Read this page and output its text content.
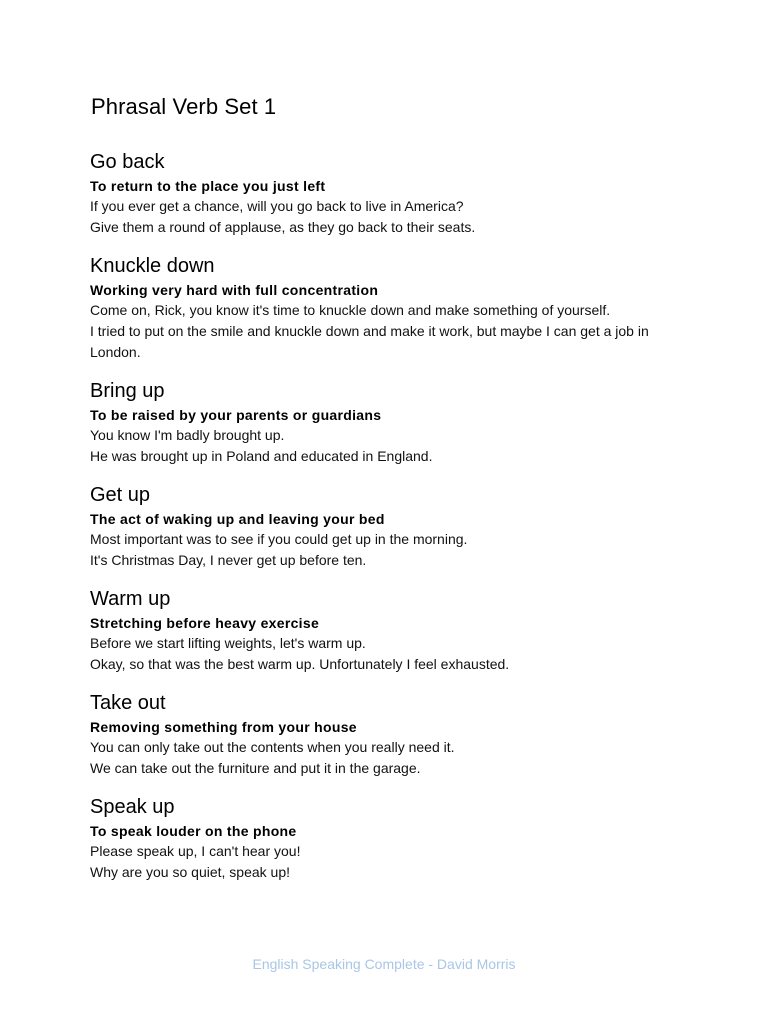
Phrasal Verb Set 1
Go back

To return to the place you just left

If you ever get a chance, will you go back to live in America?

Give them a round of applause, as they go back to their seats.

Knuckle down

Working very hard with full concentration

Come on, Rick, you know it's time to knuckle down and make something of yourself.

I tried to put on the smile and knuckle down and make it work, but maybe I can get a job in London.

Bring up

To be raised by your parents or guardians

You know I'm badly brought up.

He was brought up in Poland and educated in England.

Get up

The act of waking up and leaving your bed

Most important was to see if you could get up in the morning.

It's Christmas Day, I never get up before ten.

Warm up

Stretching before heavy exercise

Before we start lifting weights, let's warm up.

Okay, so that was the best warm up. Unfortunately I feel exhausted.

Take out

Removing something from your house

You can only take out the contents when you really need it.

We can take out the furniture and put it in the garage.

Speak up

To speak louder on the phone

Please speak up, I can't hear you!

Why are you so quiet, speak up!

English Speaking Complete - David Morris
